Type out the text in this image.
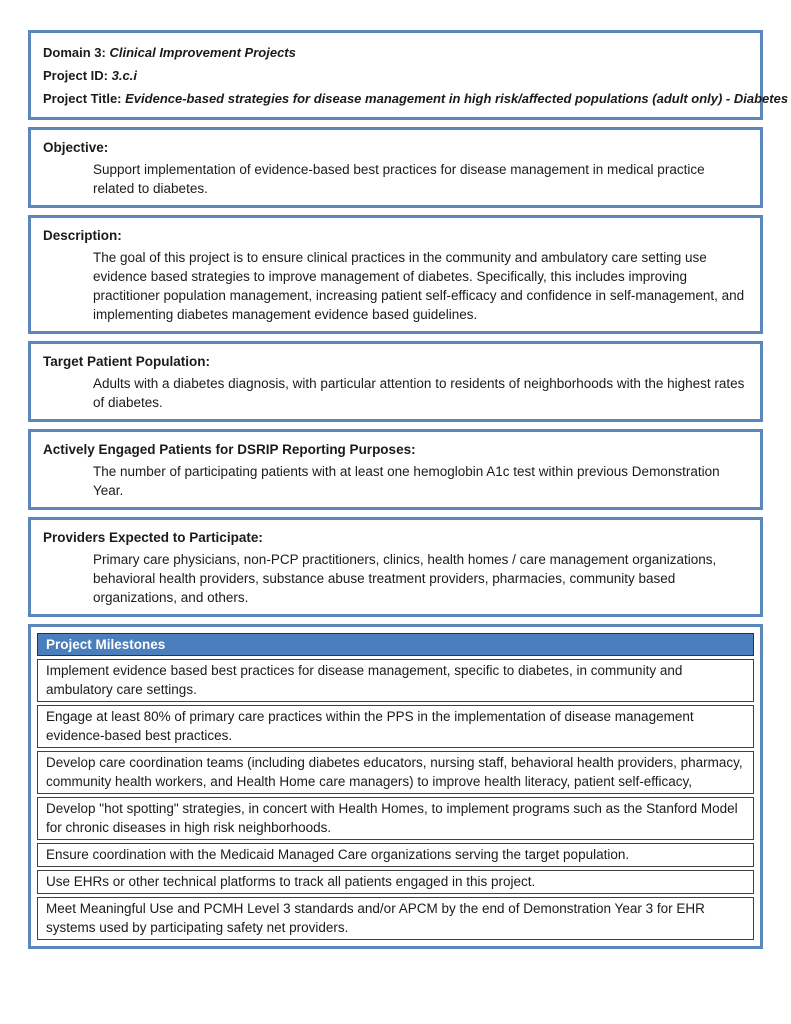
Domain 3: Clinical Improvement Projects
Project ID: 3.c.i
Project Title: Evidence-based strategies for disease management in high risk/affected populations (adult only) - Diabetes
Objective:
Support implementation of evidence-based best practices for disease management in medical practice related to diabetes.
Description:
The goal of this project is to ensure clinical practices in the community and ambulatory care setting use evidence based strategies to improve management of diabetes. Specifically, this includes improving practitioner population management, increasing patient self-efficacy and confidence in self-management, and implementing diabetes management evidence based guidelines.
Target Patient Population:
Adults with a diabetes diagnosis, with particular attention to residents of neighborhoods with the highest rates of diabetes.
Actively Engaged Patients for DSRIP Reporting Purposes:
The number of participating patients with at least one hemoglobin A1c test within previous Demonstration Year.
Providers Expected to Participate:
Primary care physicians, non-PCP practitioners, clinics, health homes / care management organizations, behavioral health providers, substance abuse treatment providers, pharmacies, community based organizations, and others.
Project Milestones
Implement evidence based best practices for disease management, specific to diabetes, in community and ambulatory care settings.
Engage at least 80% of primary care practices within the PPS in the implementation of disease management evidence-based best practices.
Develop care coordination teams (including diabetes educators, nursing staff, behavioral health providers, pharmacy, community health workers, and Health Home care managers) to improve health literacy, patient self-efficacy,
Develop "hot spotting" strategies, in concert with Health Homes, to implement programs such as the Stanford Model for chronic diseases in high risk neighborhoods.
Ensure coordination with the Medicaid Managed Care organizations serving the target population.
Use EHRs or other technical platforms to track all patients engaged in this project.
Meet Meaningful Use and PCMH Level 3 standards and/or APCM by the end of Demonstration Year 3 for EHR systems used by participating safety net providers.
